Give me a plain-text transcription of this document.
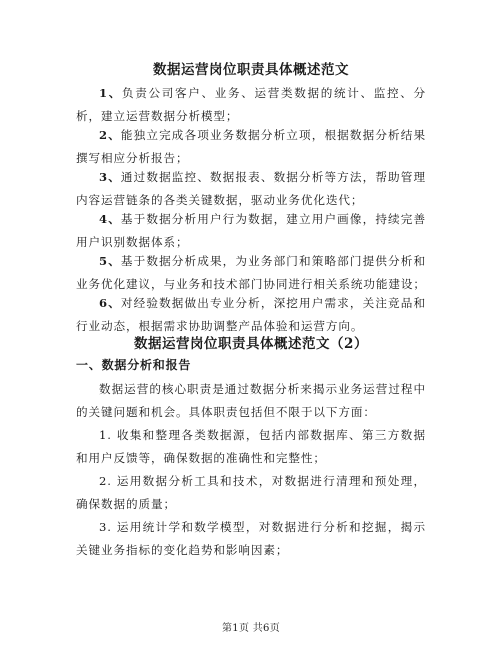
数据运营岗位职责具体概述范文
1、负责公司客户、业务、运营类数据的统计、监控、分析，建立运营数据分析模型；
2、能独立完成各项业务数据分析立项，根据数据分析结果撰写相应分析报告；
3、通过数据监控、数据报表、数据分析等方法，帮助管理内容运营链条的各类关键数据，驱动业务优化迭代；
4、基于数据分析用户行为数据，建立用户画像，持续完善用户识别数据体系；
5、基于数据分析成果，为业务部门和策略部门提供分析和业务优化建议，与业务和技术部门协同进行相关系统功能建设；
6、对经验数据做出专业分析，深挖用户需求，关注竞品和行业动态，根据需求协助调整产品体验和运营方向。
数据运营岗位职责具体概述范文（2）
一、数据分析和报告
数据运营的核心职责是通过数据分析来揭示业务运营过程中的关键问题和机会。具体职责包括但不限于以下方面：
1. 收集和整理各类数据源，包括内部数据库、第三方数据和用户反馈等，确保数据的准确性和完整性；
2. 运用数据分析工具和技术，对数据进行清理和预处理，确保数据的质量；
3. 运用统计学和数学模型，对数据进行分析和挖掘，揭示关键业务指标的变化趋势和影响因素；
第1页 共6页
